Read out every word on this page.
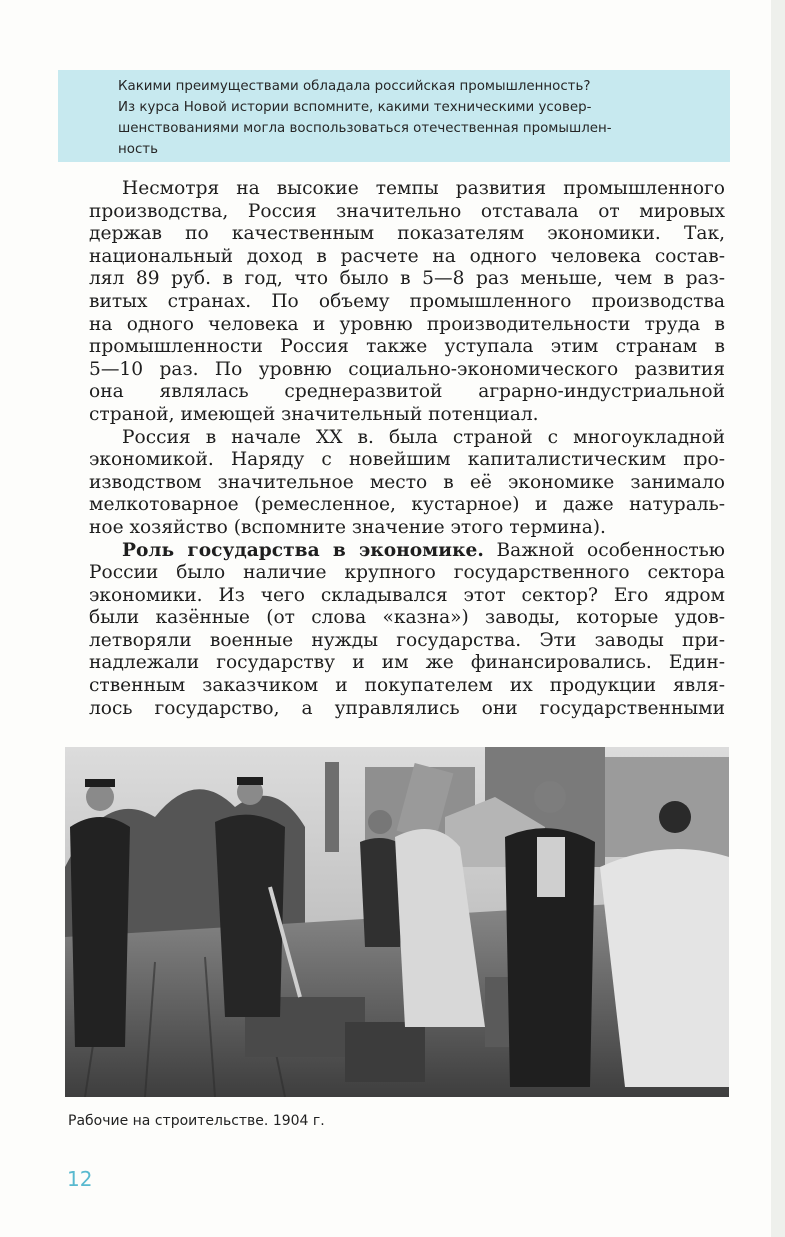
Какими преимуществами обладала российская промышленность?
Из курса Новой истории вспомните, какими техническими усовер-
шенствованиями могла воспользоваться отечественная промышлен-
ность
Несмотря на высокие темпы развития промышленного
производства, Россия значительно отставала от мировых
держав по качественным показателям экономики. Так,
национальный доход в расчете на одного человека состав-
лял 89 руб. в год, что было в 5—8 раз меньше, чем в раз-
витых странах. По объему промышленного производства
на одного человека и уровню производительности труда в
промышленности Россия также уступала этим странам в
5—10 раз. По уровню социально-экономического развития
она являлась среднеразвитой аграрно-индустриальной
страной, имеющей значительный потенциал.
Россия в начале XX в. была страной с многоукладной
экономикой. Наряду с новейшим капиталистическим про-
изводством значительное место в её экономике занимало
мелкотоварное (ремесленное, кустарное) и даже натураль-
ное хозяйство (вспомните значение этого термина).
Роль государства в экономике. Важной особенностью
России было наличие крупного государственного сектора
экономики. Из чего складывался этот сектор? Его ядром
были казённые (от слова «казна») заводы, которые удов-
летворяли военные нужды государства. Эти заводы при-
надлежали государству и им же финансировались. Един-
ственным заказчиком и покупателем их продукции явля-
лось государство, а управлялись они государственными
Рабочие на строительстве. 1904 г.
12
